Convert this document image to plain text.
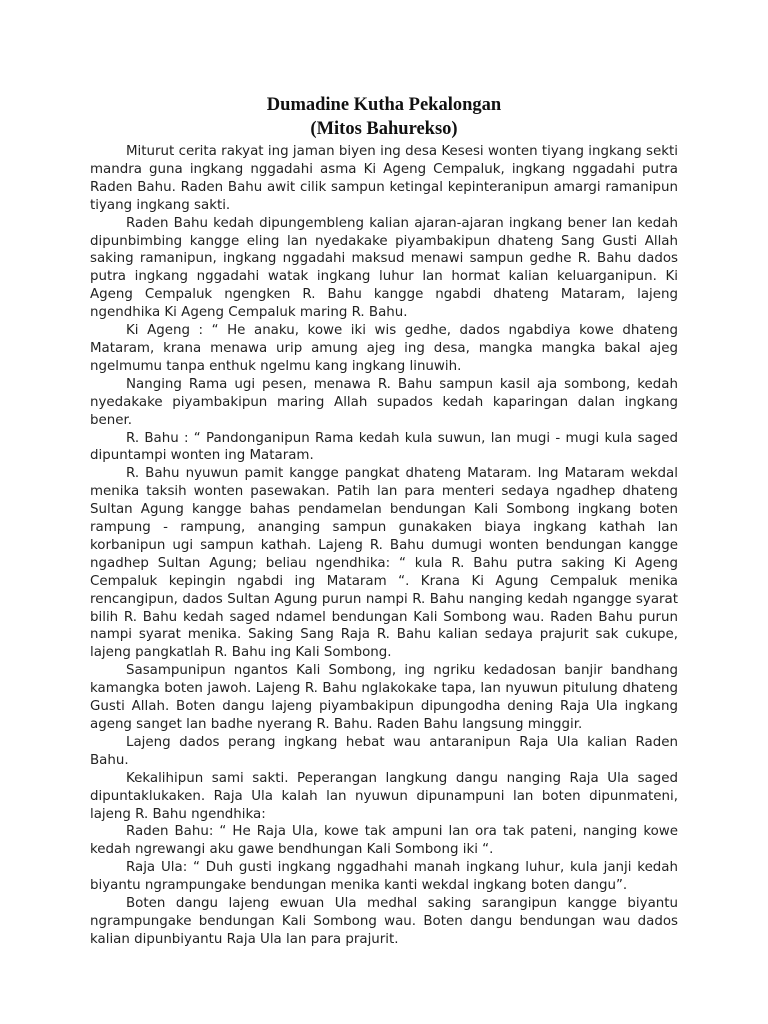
Dumadine Kutha Pekalongan
(Mitos Bahurekso)

Miturut cerita rakyat ing jaman biyen ing desa Kesesi wonten tiyang ingkang sekti mandra guna ingkang nggadahi asma Ki Ageng Cempaluk, ingkang nggadahi putra Raden Bahu. Raden Bahu awit cilik sampun ketingal kepinteranipun amargi ramanipun tiyang ingkang sakti.

Raden Bahu kedah dipungembleng kalian ajaran-ajaran ingkang bener lan kedah dipunbimbing kangge eling lan nyedakake piyambakipun dhateng Sang Gusti Allah saking ramanipun, ingkang nggadahi maksud menawi sampun gedhe R. Bahu dados putra ingkang nggadahi watak ingkang luhur lan hormat kalian keluarganipun. Ki Ageng Cempaluk ngengken R. Bahu kangge ngabdi dhateng Mataram, lajeng ngendhika Ki Ageng Cempaluk maring R. Bahu.

Ki Ageng : “ He anaku, kowe iki wis gedhe, dados ngabdiya kowe dhateng Mataram, krana menawa urip amung ajeg ing desa, mangka mangka bakal ajeg ngelmumu tanpa enthuk ngelmu kang ingkang linuwih.

Nanging Rama ugi pesen, menawa R. Bahu sampun kasil aja sombong, kedah nyedakake piyambakipun maring Allah supados kedah kaparingan dalan ingkang bener.

R. Bahu : “ Pandonganipun Rama kedah kula suwun, lan mugi - mugi kula saged dipuntampi wonten ing Mataram.

R. Bahu nyuwun pamit kangge pangkat dhateng Mataram. Ing Mataram wekdal menika taksih wonten pasewakan. Patih lan para menteri sedaya ngadhep dhateng Sultan Agung kangge bahas pendamelan bendungan Kali Sombong ingkang boten rampung - rampung, ananging sampun gunakaken biaya ingkang kathah lan korbanipun ugi sampun kathah. Lajeng R. Bahu dumugi wonten bendungan kangge ngadhep Sultan Agung; beliau ngendhika: “ kula R. Bahu putra saking Ki Ageng Cempaluk kepingin ngabdi ing Mataram “. Krana Ki Agung Cempaluk menika rencangipun, dados Sultan Agung purun nampi R. Bahu nanging kedah ngangge syarat bilih R. Bahu kedah saged ndamel bendungan Kali Sombong wau. Raden Bahu purun nampi syarat menika. Saking Sang Raja R. Bahu kalian sedaya prajurit sak cukupe, lajeng pangkatlah R. Bahu ing Kali Sombong.

Sasampunipun ngantos Kali Sombong, ing ngriku kedadosan banjir bandhang kamangka boten jawoh. Lajeng R. Bahu nglakokake tapa, lan nyuwun pitulung dhateng Gusti Allah. Boten dangu lajeng piyambakipun dipungodha dening Raja Ula ingkang ageng sanget lan badhe nyerang R. Bahu. Raden Bahu langsung minggir.

Lajeng dados perang ingkang hebat wau antaranipun Raja Ula kalian Raden Bahu.

Kekalihipun sami sakti. Peperangan langkung dangu nanging Raja Ula saged dipuntaklukaken. Raja Ula kalah lan nyuwun dipunampuni lan boten dipunmateni, lajeng R. Bahu ngendhika:

Raden Bahu: “ He Raja Ula, kowe tak ampuni lan ora tak pateni, nanging kowe kedah ngrewangi aku gawe bendhungan Kali Sombong iki “.

Raja Ula: “ Duh gusti ingkang nggadhahi manah ingkang luhur, kula janji kedah biyantu ngrampungake bendungan menika kanti wekdal ingkang boten dangu”.

Boten dangu lajeng ewuan Ula medhal saking sarangipun kangge biyantu ngrampungake bendungan Kali Sombong wau. Boten dangu bendungan wau dados kalian dipunbiyantu Raja Ula lan para prajurit.
